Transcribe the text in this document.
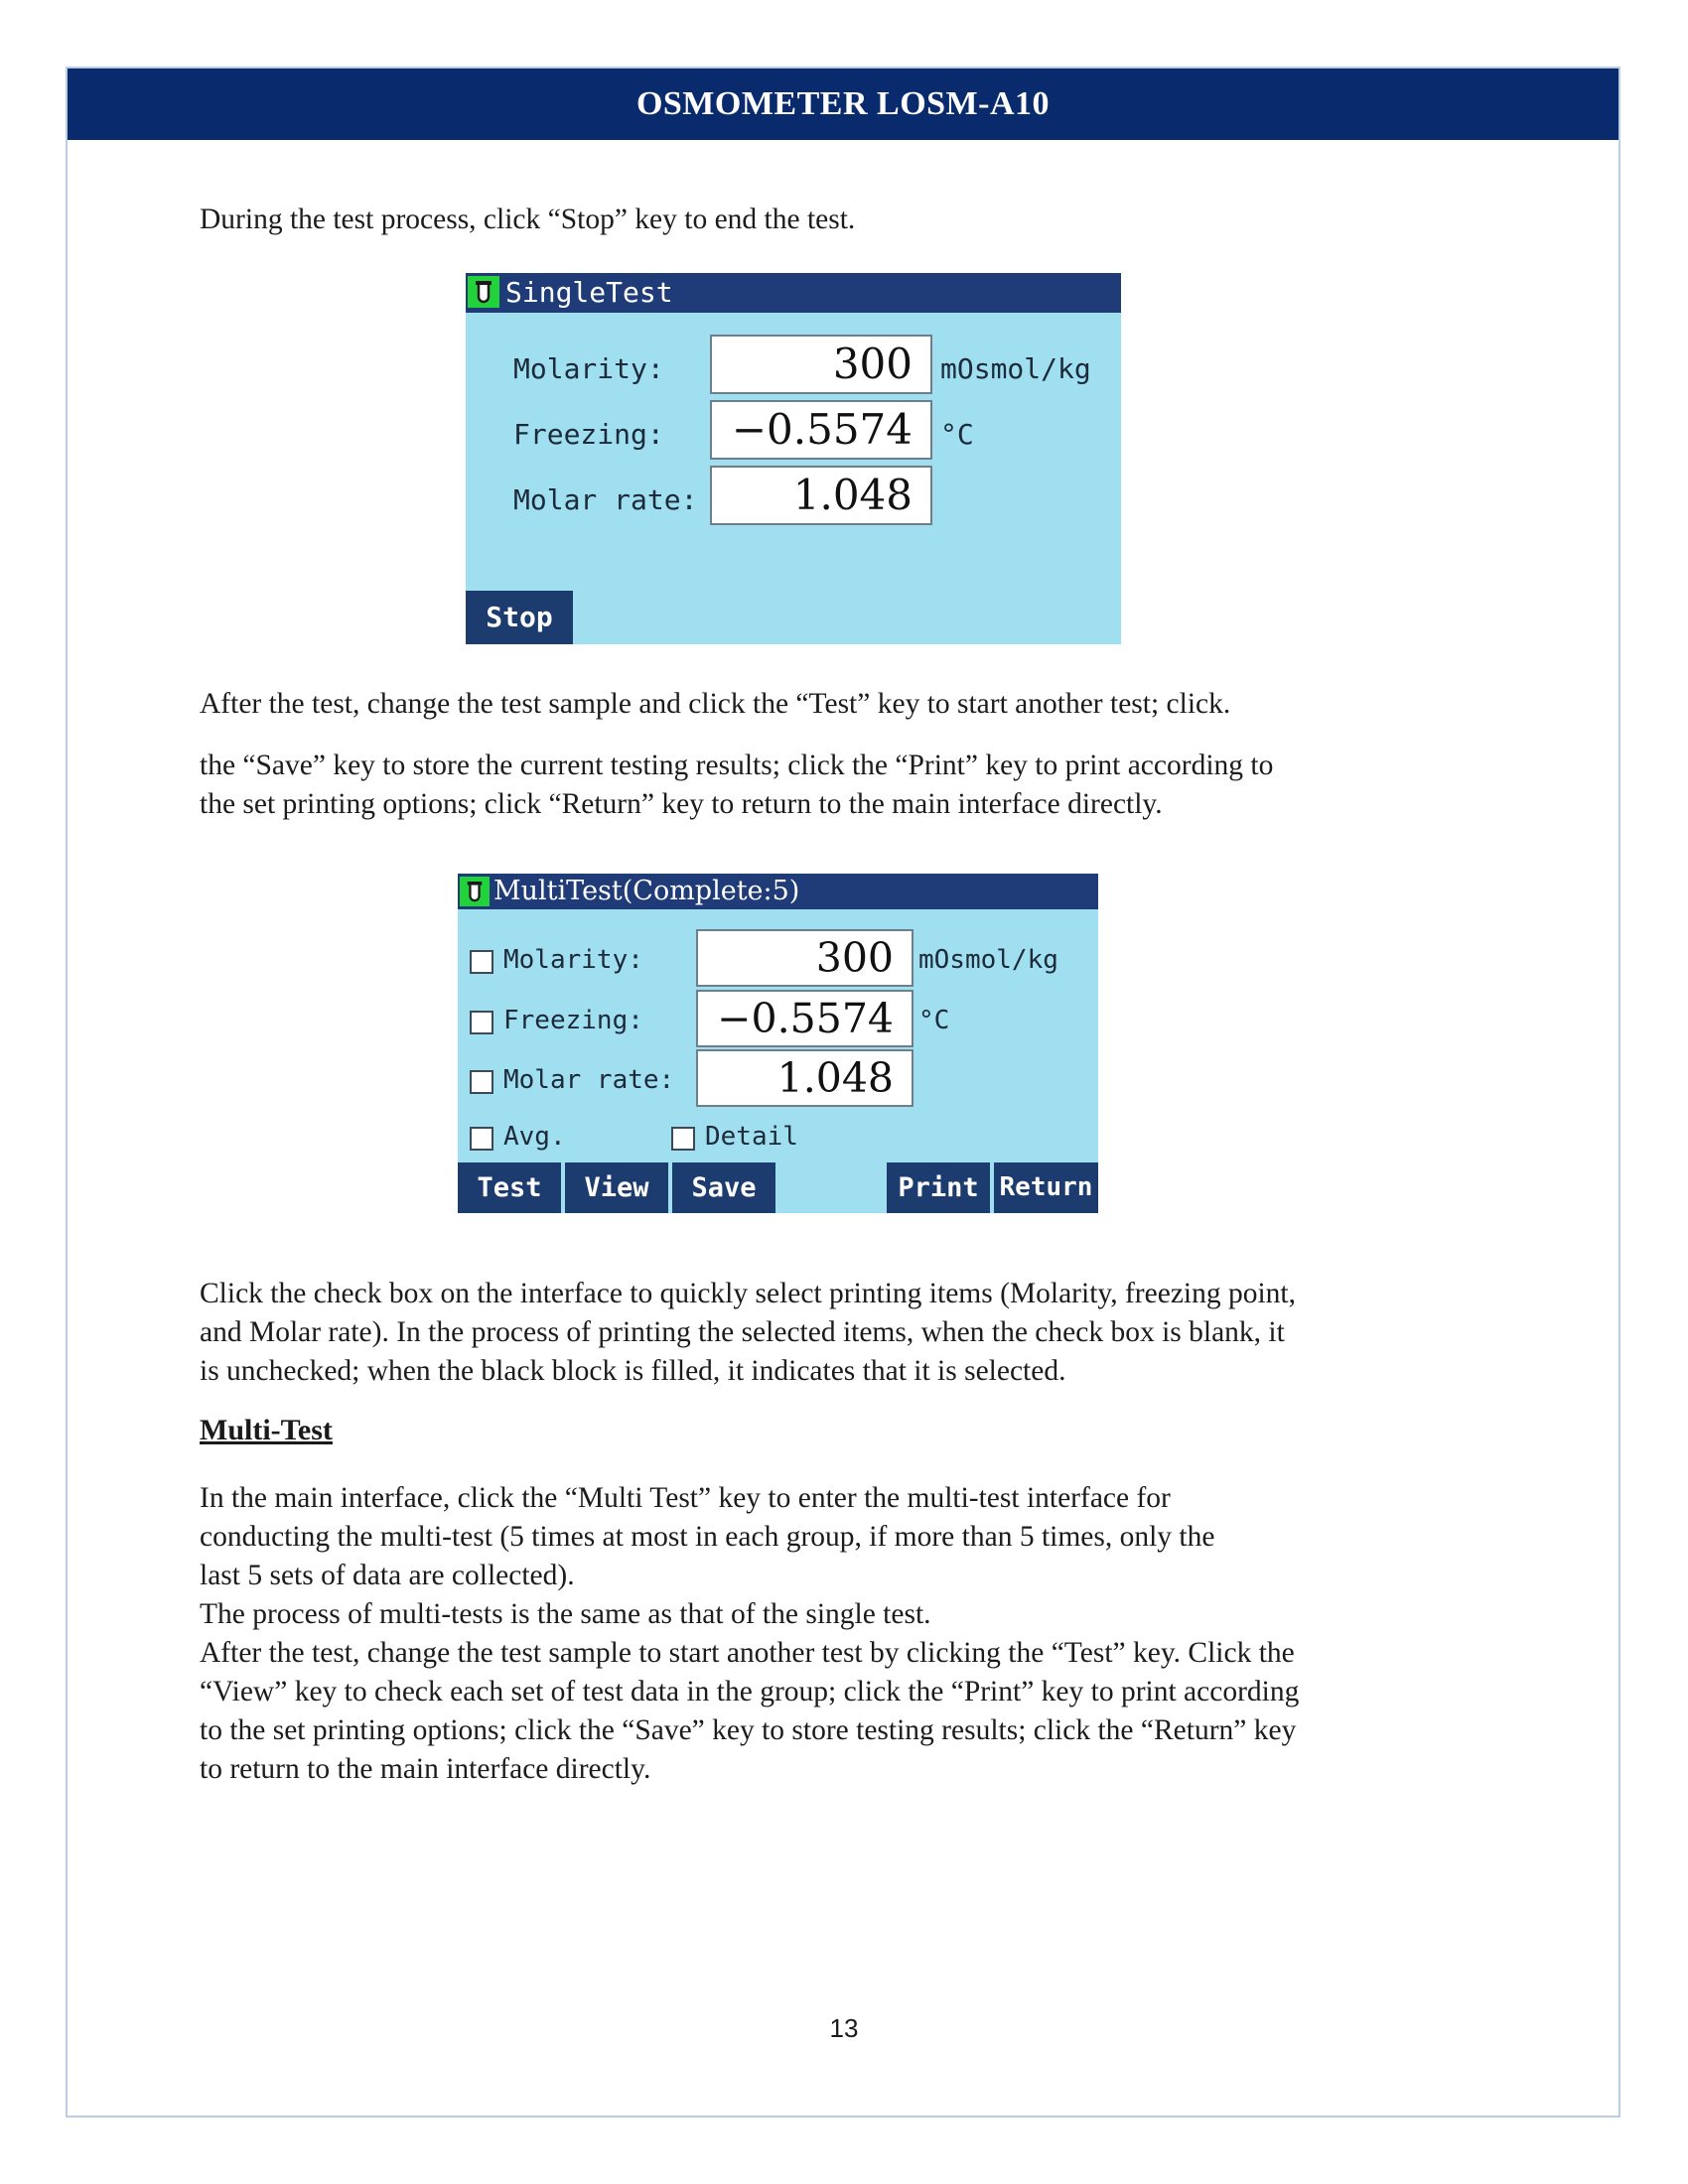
OSMOMETER LOSM-A10
During the test process, click “Stop” key to end the test.
SingleTest
Molarity:	300	mOsmol/kg
Freezing:	−0.5574	°C
Molar rate:	1.048
Stop
After the test, change the test sample and click the “Test” key to start another test; click.
the “Save” key to store the current testing results; click the “Print” key to print according to
the set printing options; click “Return” key to return to the main interface directly.
MultiTest(Complete:5)
Molarity:	300 mOsmol/kg
Freezing:	−0.5574 °C
Molar rate:	1.048
Avg.	Detail
Test	View	Save	Print Return
Click the check box on the interface to quickly select printing items (Molarity, freezing point,
and Molar rate). In the process of printing the selected items, when the check box is blank, it
is unchecked; when the black block is filled, it indicates that it is selected.
Multi-Test
In the main interface, click the “Multi Test” key to enter the multi-test interface for
conducting the multi-test (5 times at most in each group, if more than 5 times, only the
last 5 sets of data are collected).
The process of multi-tests is the same as that of the single test.
After the test, change the test sample to start another test by clicking the “Test” key. Click the
“View” key to check each set of test data in the group; click the “Print” key to print according
to the set printing options; click the “Save” key to store testing results; click the “Return” key
to return to the main interface directly.
13
